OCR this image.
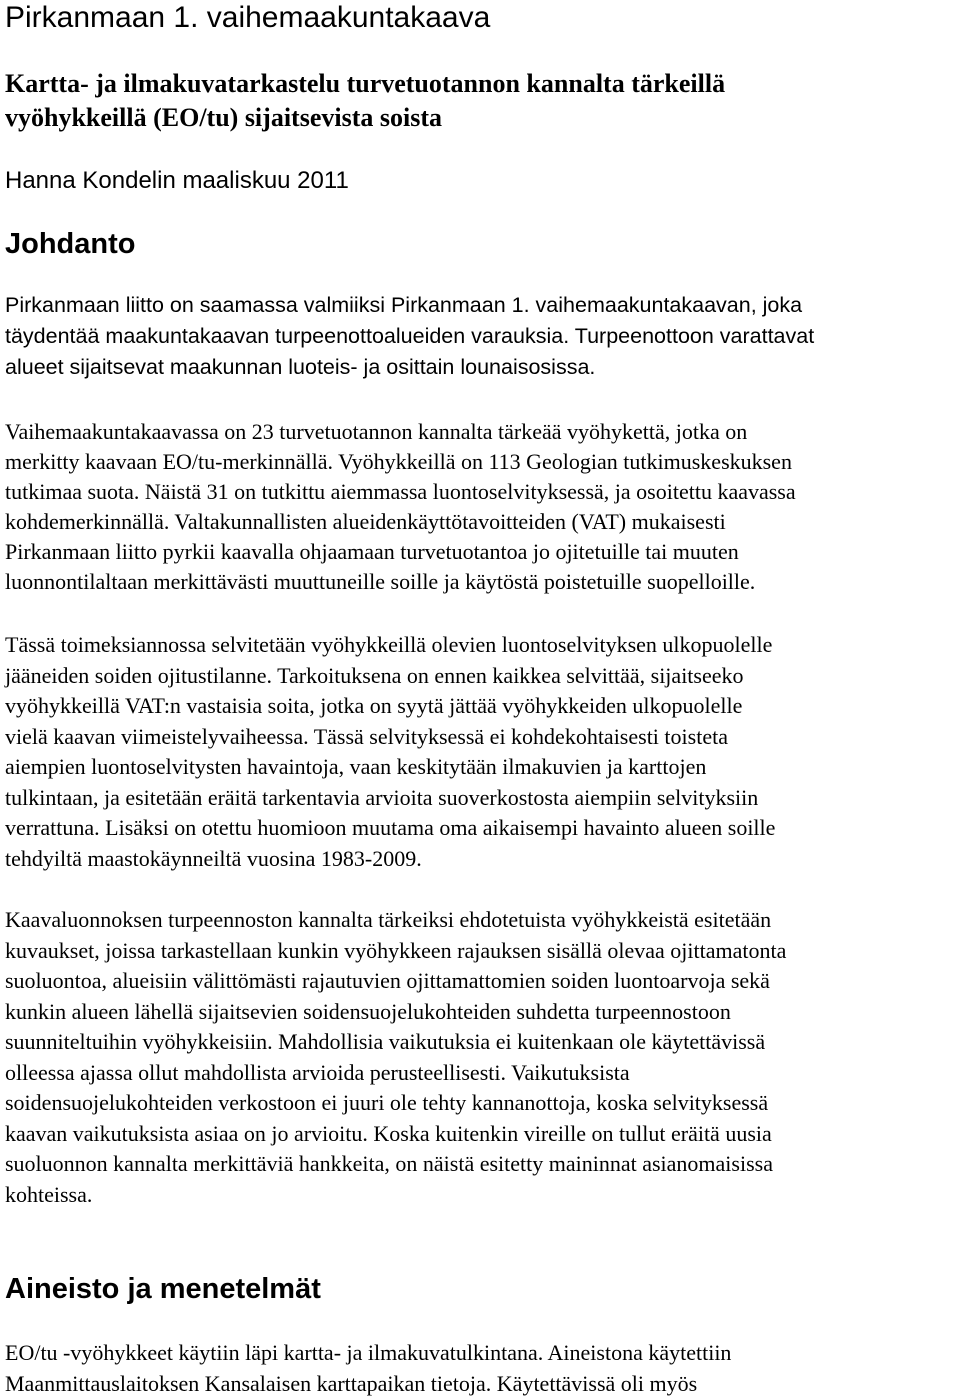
Pirkanmaan 1. vaihemaakuntakaava
Kartta- ja ilmakuvatarkastelu turvetuotannon kannalta tärkeillä
vyöhykkeillä (EO/tu) sijaitsevista soista
Hanna Kondelin maaliskuu 2011
Johdanto
Pirkanmaan liitto on saamassa valmiiksi Pirkanmaan 1. vaihemaakuntakaavan, joka
täydentää maakuntakaavan turpeenottoalueiden varauksia. Turpeenottoon varattavat
alueet sijaitsevat maakunnan luoteis- ja osittain lounaisosissa.
Vaihemaakuntakaavassa on 23 turvetuotannon kannalta tärkeää vyöhykettä, jotka on
merkitty kaavaan EO/tu-merkinnällä. Vyöhykkeillä on 113 Geologian tutkimuskeskuksen
tutkimaa suota. Näistä 31 on tutkittu aiemmassa luontoselvityksessä, ja osoitettu kaavassa
kohdemerkinnällä. Valtakunnallisten alueidenkäyttötavoitteiden (VAT) mukaisesti
Pirkanmaan liitto pyrkii kaavalla ohjaamaan turvetuotantoa jo ojitetuille tai muuten
luonnontilaltaan merkittävästi muuttuneille soille ja käytöstä poistetuille suopelloille.
Tässä toimeksiannossa selvitetään vyöhykkeillä olevien luontoselvityksen ulkopuolelle
jääneiden soiden ojitustilanne. Tarkoituksena on ennen kaikkea selvittää, sijaitseeko
vyöhykkeillä VAT:n vastaisia soita, jotka on syytä jättää vyöhykkeiden ulkopuolelle
vielä kaavan viimeistelyvaiheessa. Tässä selvityksessä ei kohdekohtaisesti toisteta
aiempien luontoselvitysten havaintoja, vaan keskitytään ilmakuvien ja karttojen
tulkintaan, ja esitetään eräitä tarkentavia arvioita suoverkostosta aiempiin selvityksiin
verrattuna. Lisäksi on otettu huomioon muutama oma aikaisempi havainto alueen soille
tehdyiltä maastokäynneiltä vuosina 1983-2009.
Kaavaluonnoksen turpeennoston kannalta tärkeiksi ehdotetuista vyöhykkeistä esitetään
kuvaukset, joissa tarkastellaan kunkin vyöhykkeen rajauksen sisällä olevaa ojittamatonta
suoluontoa, alueisiin välittömästi rajautuvien ojittamattomien soiden luontoarvoja sekä
kunkin alueen lähellä sijaitsevien soidensuojelukohteiden suhdetta turpeennostoon
suunniteltuihin vyöhykkeisiin. Mahdollisia vaikutuksia ei kuitenkaan ole käytettävissä
olleessa ajassa ollut mahdollista arvioida perusteellisesti. Vaikutuksista
soidensuojelukohteiden verkostoon ei juuri ole tehty kannanottoja, koska selvityksessä
kaavan vaikutuksista asiaa on jo arvioitu. Koska kuitenkin vireille on tullut eräitä uusia
suoluonnon kannalta merkittäviä hankkeita, on näistä esitetty maininnat asianomaisissa
kohteissa.
Aineisto ja menetelmät
EO/tu -vyöhykkeet käytiin läpi kartta- ja ilmakuvatulkintana. Aineistona käytettiin
Maanmittauslaitoksen Kansalaisen karttapaikan tietoja. Käytettävissä oli myös
